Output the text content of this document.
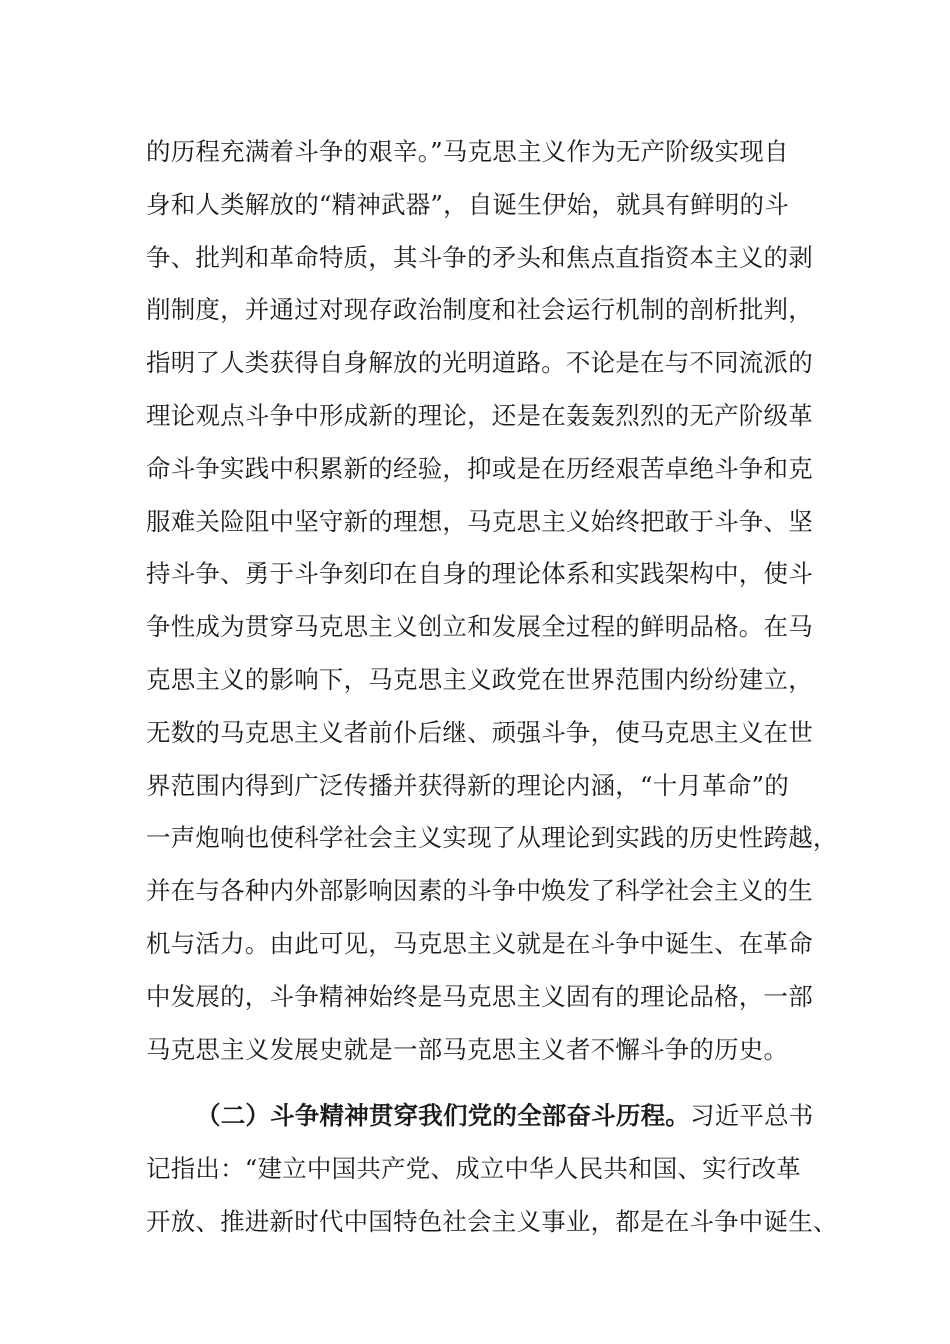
的历程充满着斗争的艰辛。”马克思主义作为无产阶级实现自
身和人类解放的“精神武器”，自诞生伊始，就具有鲜明的斗
争、批判和革命特质，其斗争的矛头和焦点直指资本主义的剥
削制度，并通过对现存政治制度和社会运行机制的剖析批判，
指明了人类获得自身解放的光明道路。不论是在与不同流派的
理论观点斗争中形成新的理论，还是在轰轰烈烈的无产阶级革
命斗争实践中积累新的经验，抑或是在历经艰苦卓绝斗争和克
服难关险阻中坚守新的理想，马克思主义始终把敢于斗争、坚
持斗争、勇于斗争刻印在自身的理论体系和实践架构中，使斗
争性成为贯穿马克思主义创立和发展全过程的鲜明品格。在马
克思主义的影响下，马克思主义政党在世界范围内纷纷建立，
无数的马克思主义者前仆后继、顽强斗争，使马克思主义在世
界范围内得到广泛传播并获得新的理论内涵，“十月革命”的
一声炮响也使科学社会主义实现了从理论到实践的历史性跨越，
并在与各种内外部影响因素的斗争中焕发了科学社会主义的生
机与活力。由此可见，马克思主义就是在斗争中诞生、在革命
中发展的，斗争精神始终是马克思主义固有的理论品格，一部
马克思主义发展史就是一部马克思主义者不懈斗争的历史。
（二）斗争精神贯穿我们党的全部奋斗历程。习近平总书
记指出：“建立中国共产党、成立中华人民共和国、实行改革
开放、推进新时代中国特色社会主义事业，都是在斗争中诞生、
